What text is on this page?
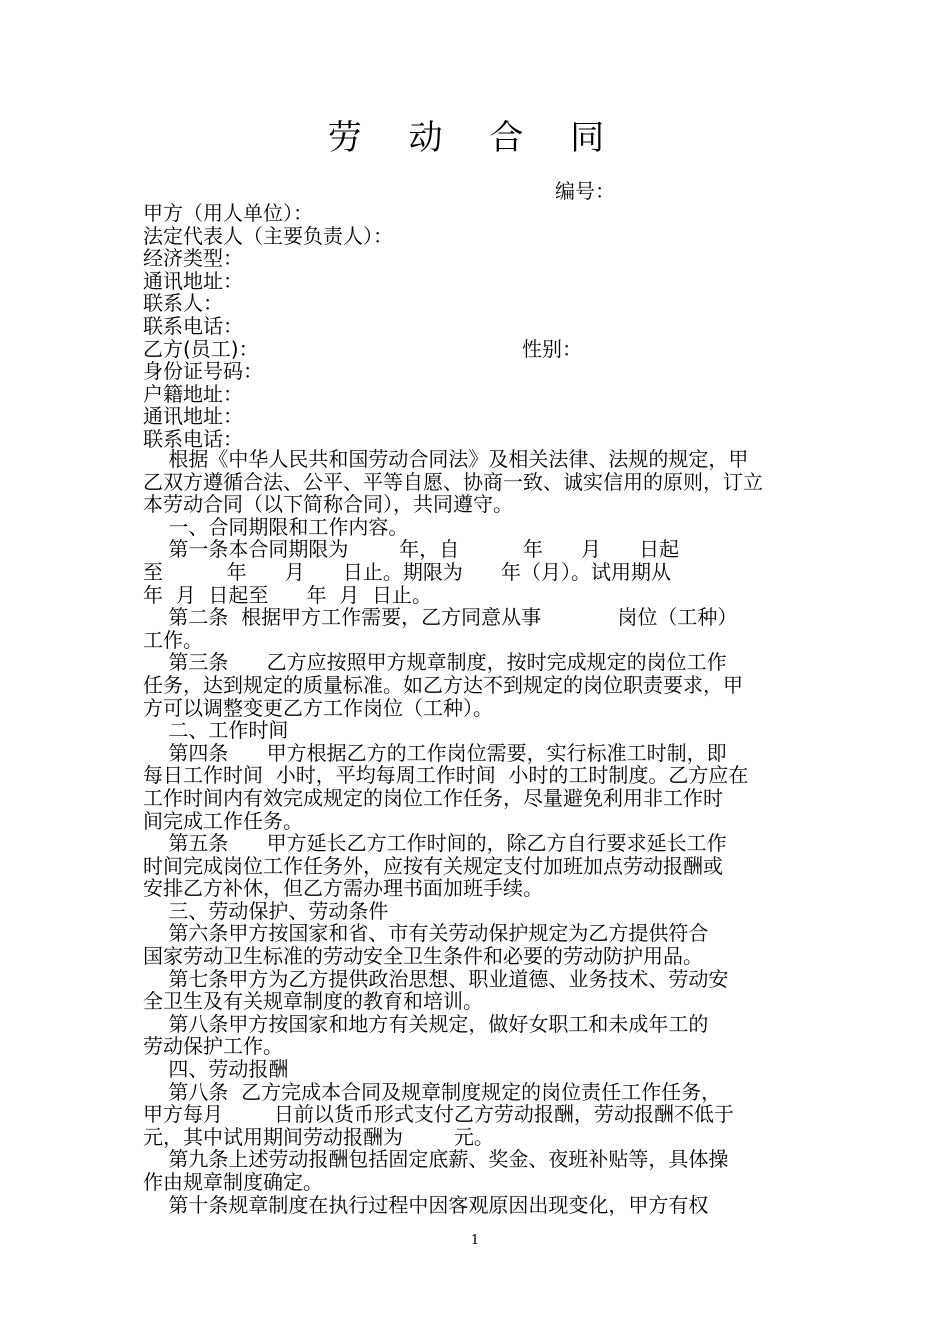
劳 动 合 同
编号：
甲方（用人单位）：
法定代表人（主要负责人）：
经济类型：
通讯地址：
联系人：
联系电话：
乙方(员工)：	性别：
身份证号码：
户籍地址：
通讯地址：
联系电话：
根据《中华人民共和国劳动合同法》及相关法律、法规的规定，甲
乙双方遵循合法、公平、平等自愿、协商一致、诚实信用的原则，订立
本劳动合同（以下简称合同），共同遵守。
一、合同期限和工作内容。
第一条本合同期限为        年，自          年      月      日起
至          年      月      日止。期限为      年（月）。试用期从
年  月  日起至      年  月  日止。
第二条  根据甲方工作需要，乙方同意从事            岗位（工种）
工作。
第三条      乙方应按照甲方规章制度，按时完成规定的岗位工作
任务，达到规定的质量标准。如乙方达不到规定的岗位职责要求，甲
方可以调整变更乙方工作岗位（工种）。
二、工作时间
第四条      甲方根据乙方的工作岗位需要，实行标准工时制，即
每日工作时间  小时，平均每周工作时间  小时的工时制度。乙方应在
工作时间内有效完成规定的岗位工作任务，尽量避免利用非工作时
间完成工作任务。
第五条      甲方延长乙方工作时间的，除乙方自行要求延长工作
时间完成岗位工作任务外，应按有关规定支付加班加点劳动报酬或
安排乙方补休，但乙方需办理书面加班手续。
三、劳动保护、劳动条件
第六条甲方按国家和省、市有关劳动保护规定为乙方提供符合
国家劳动卫生标准的劳动安全卫生条件和必要的劳动防护用品。
第七条甲方为乙方提供政治思想、职业道德、业务技术、劳动安
全卫生及有关规章制度的教育和培训。
第八条甲方按国家和地方有关规定，做好女职工和未成年工的
劳动保护工作。
四、劳动报酬
第八条  乙方完成本合同及规章制度规定的岗位责任工作任务，
甲方每月        日前以货币形式支付乙方劳动报酬，劳动报酬不低于
元，其中试用期间劳动报酬为        元。
第九条上述劳动报酬包括固定底薪、奖金、夜班补贴等，具体操
作由规章制度确定。
第十条规章制度在执行过程中因客观原因出现变化，甲方有权
1
